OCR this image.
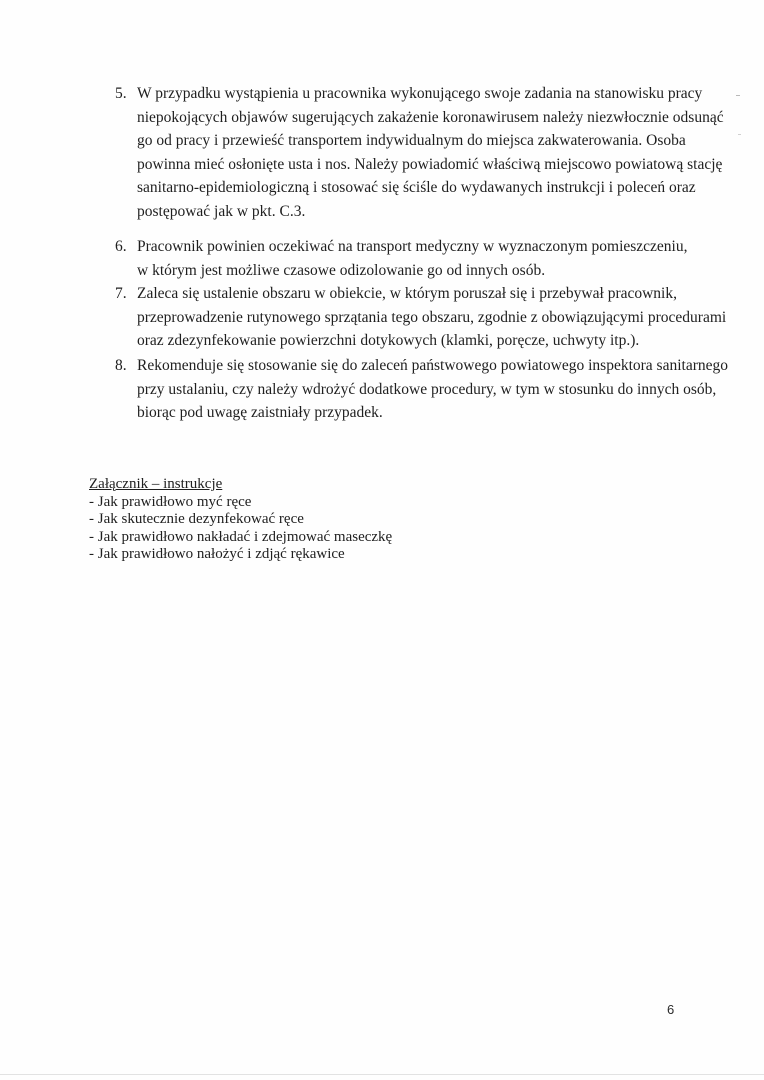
5. W przypadku wystąpienia u pracownika wykonującego swoje zadania na stanowisku pracy
niepokojących objawów sugerujących zakażenie koronawirusem należy niezwłocznie odsunąć
go od pracy i przewieść transportem indywidualnym do miejsca zakwaterowania. Osoba
powinna mieć osłonięte usta i nos. Należy powiadomić właściwą miejscowo powiatową stację
sanitarno-epidemiologiczną i stosować się ściśle do wydawanych instrukcji i poleceń oraz
postępować jak w pkt. C.3.
6. Pracownik powinien oczekiwać na transport medyczny w wyznaczonym pomieszczeniu,
w którym jest możliwe czasowe odizolowanie go od innych osób.
7. Zaleca się ustalenie obszaru w obiekcie, w którym poruszał się i przebywał pracownik,
przeprowadzenie rutynowego sprzątania tego obszaru, zgodnie z obowiązującymi procedurami
oraz zdezynfekowanie powierzchni dotykowych (klamki, poręcze, uchwyty itp.).
8. Rekomenduje się stosowanie się do zaleceń państwowego powiatowego inspektora sanitarnego
przy ustalaniu, czy należy wdrożyć dodatkowe procedury, w tym w stosunku do innych osób,
biorąc pod uwagę zaistniały przypadek.
Załącznik – instrukcje
- Jak prawidłowo myć ręce
- Jak skutecznie dezynfekować ręce
- Jak prawidłowo nakładać i zdejmować maseczkę
- Jak prawidłowo nałożyć i zdjąć rękawice
6
